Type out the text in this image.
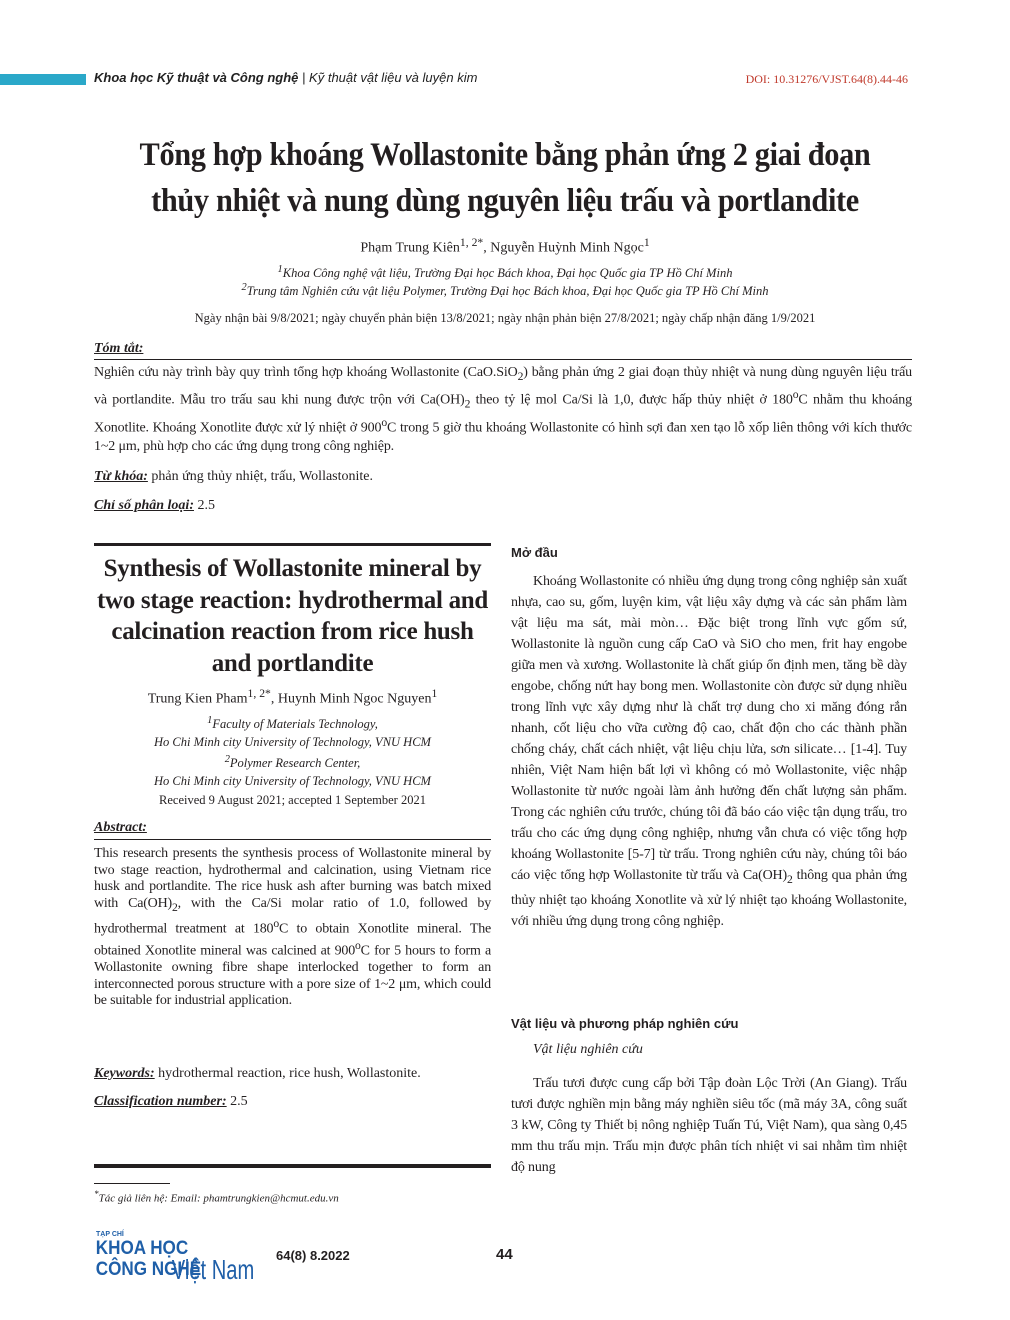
Khoa học Kỹ thuật và Công nghệ | Kỹ thuật vật liệu và luyện kim	DOI: 10.31276/VJST.64(8).44-46
Tổng hợp khoáng Wollastonite bằng phản ứng 2 giai đoạn
thủy nhiệt và nung dùng nguyên liệu trấu và portlandite
Phạm Trung Kiên$^{1, 2*}$, Nguyễn Huỳnh Minh Ngọc$^1$
$^1$Khoa Công nghệ vật liệu, Trường Đại học Bách khoa, Đại học Quốc gia TP Hồ Chí Minh
$^2$Trung tâm Nghiên cứu vật liệu Polymer, Trường Đại học Bách khoa, Đại học Quốc gia TP Hồ Chí Minh
Ngày nhận bài 9/8/2021; ngày chuyển phản biện 13/8/2021; ngày nhận phản biện 27/8/2021; ngày chấp nhận đăng 1/9/2021
Tóm tắt:
Nghiên cứu này trình bày quy trình tổng hợp khoáng Wollastonite (CaO.SiO$_2$) bằng phản ứng 2 giai đoạn thủy nhiệt và nung dùng nguyên liệu trấu và portlandite. Mẫu tro trấu sau khi nung được trộn với $Ca(OH)_2$ theo tỷ lệ mol Ca/Si là 1,0, được hấp thủy nhiệt ở 180$^o$C nhằm thu khoáng Xonotlite. Khoáng Xonotlite được xử lý nhiệt ở 900$^o$C trong 5 giờ thu khoáng Wollastonite có hình sợi đan xen tạo lỗ xốp liên thông với kích thước 1~2 μm, phù hợp cho các ứng dụng trong công nghiệp.
Từ khóa: phản ứng thủy nhiệt, trấu, Wollastonite.
Chỉ số phân loại: 2.5
Synthesis of Wollastonite mineral by two stage reaction: hydrothermal and calcination reaction from rice hush and portlandite
Trung Kien Pham$^{1, 2*}$, Huynh Minh Ngoc Nguyen$^1$
$^1$Faculty of Materials Technology,
Ho Chi Minh city University of Technology, VNU HCM
$^2$Polymer Research Center,
Ho Chi Minh city University of Technology, VNU HCM
Received 9 August 2021; accepted 1 September 2021
Abstract:
This research presents the synthesis process of Wollastonite mineral by two stage reaction, hydrothermal and calcination, using Vietnam rice husk and portlandite. The rice husk ash after burning was batch mixed with $Ca(OH)_2$, with the Ca/Si molar ratio of 1.0, followed by hydrothermal treatment at 180$^o$C to obtain Xonotlite mineral. The obtained Xonotlite mineral was calcined at 900$^o$C for 5 hours to form a Wollastonite owning fibre shape interlocked together to form an interconnected porous structure with a pore size of 1~2 μm, which could be suitable for industrial application.
Keywords: hydrothermal reaction, rice hush, Wollastonite.
Classification number: 2.5
*Tác giả liên hệ: Email: phamtrungkien@hcmut.edu.vn
Mở đầu
Khoáng Wollastonite có nhiều ứng dụng trong công nghiệp sản xuất nhựa, cao su, gốm, luyện kim, vật liệu xây dựng và các sản phẩm làm vật liệu ma sát, mài mòn… Đặc biệt trong lĩnh vực gốm sứ, Wollastonite là nguồn cung cấp CaO và SiO cho men, frit hay engobe giữa men và xương. Wollastonite là chất giúp ổn định men, tăng bề dày engobe, chống nứt hay bong men. Wollastonite còn được sử dụng nhiều trong lĩnh vực xây dựng như là chất trợ dung cho xi măng đóng rắn nhanh, cốt liệu cho vữa cường độ cao, chất độn cho các thành phần chống cháy, chất cách nhiệt, vật liệu chịu lửa, sơn silicate… [1-4]. Tuy nhiên, Việt Nam hiện bất lợi vì không có mỏ Wollastonite, việc nhập Wollastonite từ nước ngoài làm ảnh hưởng đến chất lượng sản phẩm. Trong các nghiên cứu trước, chúng tôi đã báo cáo việc tận dụng trấu, tro trấu cho các ứng dụng công nghiệp, nhưng vẫn chưa có việc tổng hợp khoáng Wollastonite [5-7] từ trấu. Trong nghiên cứu này, chúng tôi báo cáo việc tổng hợp Wollastonite từ trấu và $Ca(OH)_2$ thông qua phản ứng thủy nhiệt tạo khoáng Xonotlite và xử lý nhiệt tạo khoáng Wollastonite, với nhiều ứng dụng trong công nghiệp.
Vật liệu và phương pháp nghiên cứu
Vật liệu nghiên cứu
Trấu tươi được cung cấp bởi Tập đoàn Lộc Trời (An Giang). Trấu tươi được nghiền mịn bằng máy nghiền siêu tốc (mã máy 3A, công suất 3 kW, Công ty Thiết bị nông nghiệp Tuấn Tú, Việt Nam), qua sàng 0,45 mm thu trấu mịn. Trấu mịn được phân tích nhiệt vi sai nhằm tìm nhiệt độ nung
TẠP CHÍ
KHOA HỌC
CÔNG NGHỆ
Việt Nam 64(8) 8.2022	44
